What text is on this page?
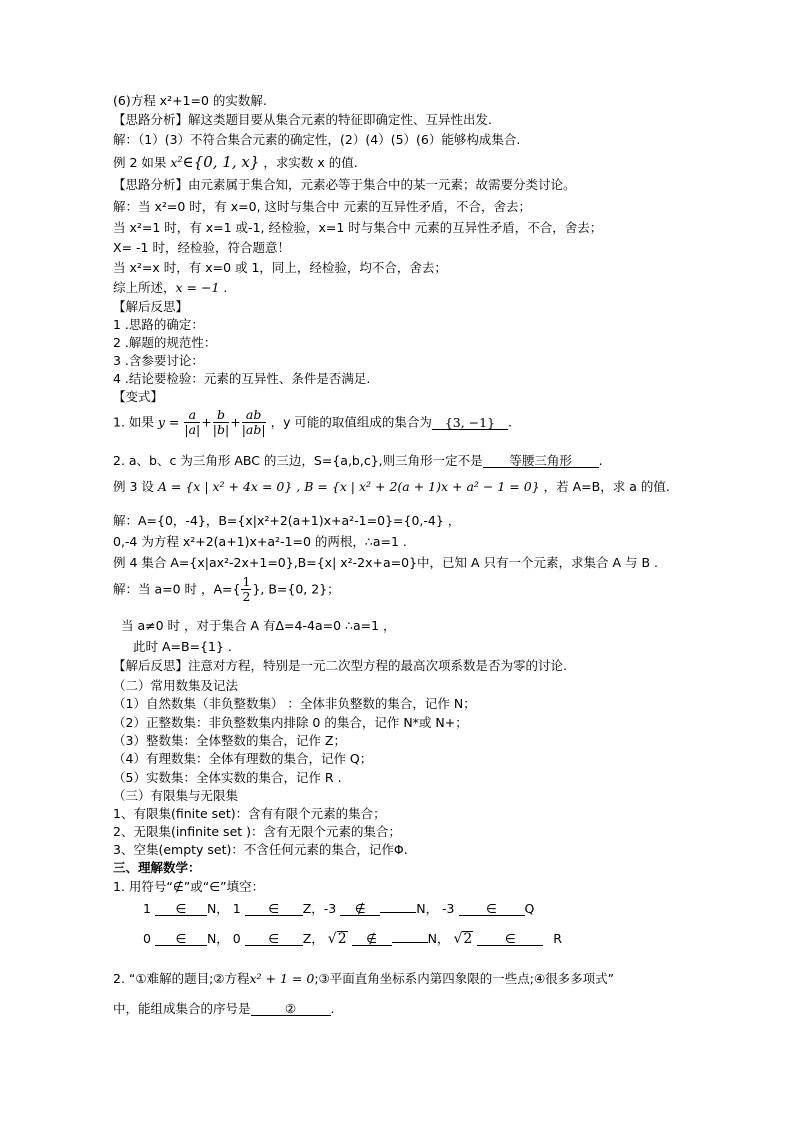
(6)方程 x²+1=0 的实数解.
【思路分析】解这类题目要从集合元素的特征即确定性、互异性出发.
解：（1）(3）不符合集合元素的确定性，(2）(4）(5）(6）能够构成集合.
例 2 如果 $x^2\in\{0$, 1, x} ，求实数 x 的值.
【思路分析】由元素属于集合知，元素必等于集合中的某一元素；故需要分类讨论。
解：当 x²=0 时，有 x=0, 这时与集合中 元素的互异性矛盾，不合，舍去；
当 x²=1 时，有 x=1 或-1, 经检验，x=1 时与集合中 元素的互异性矛盾，不合，舍去；
X= -1 时，经检验，符合题意！
当 x²=x 时，有 x=0 或 1，同上，经检验，均不合，舍去；
综上所述，x = −1 .
【解后反思】
1 .思路的确定：
2 .解题的规范性：
3 .含参要讨论：
4 .结论要检验：元素的互异性、条件是否满足.
【变式】
1. 如果 $y = \frac{a}{|a|} + \frac{b}{|b|} + \frac{ab}{|ab|}$ ，y 可能的取值组成的集合为 {3, −1} .
2. a、b、c 为三角形 ABC 的三边，S={a,b,c},则三角形一定不是 等腰三角形 .
例 3 设 A = {x | x² + 4x = 0} , B = {x | x² + 2(a + 1)x + a² − 1 = 0} ，若 A=B，求 a 的值.
解：A={0，-4}，B={x|x²+2(a+1)x+a²-1=0}={0,-4} ，
0,-4 为方程 x²+2(a+1)x+a²-1=0 的两根，∴a=1 .
例 4 集合 A={x|ax²-2x+1=0},B={x| x²-2x+a=0}中，已知 A 只有一个元素，求集合 A 与 B .
解：当 a=0 时 ，$A=\{ \frac{1}{2}$ }, B={0, 2}；
当 a≠0 时 ，对于集合 A 有Δ=4-4a=0 ∴a=1 ，
此时 A=B={1} .
【解后反思】注意对方程，特别是一元二次型方程的最高次项系数是否为零的讨论.
（二）常用数集及记法
（1）自然数集（非负整数集） ：全体非负整数的集合，记作 N；
（2）正整数集：非负整数集内排除 0 的集合，记作 N*或 N+；
（3）整数集：全体整数的集合，记作 Z；
（4）有理数集：全体有理数的集合，记作 Q；
（5）实数集：全体实数的集合，记作 R .
（三）有限集与无限集
1、有限集(finite set)：含有有限个元素的集合；
2、无限集(infinite set )：含有无限个元素的集合；
3、空集(empty set)：不含任何元素的集合，记作Φ.
三、理解数学：
1. 用符号“∉”或“∈”填空：
1 ∈ N， 1 ∈ Z，-3 ∉	N， -3	∈ Q
0 ∈ N， 0 ∈ Z， √2 ∉	N， √2	∈	R
2. “①难解的题目;②方程x² + 1 = 0;③平面直角坐标系内第四象限的一些点;④很多多项式”
中，能组成集合的序号是	②	.
